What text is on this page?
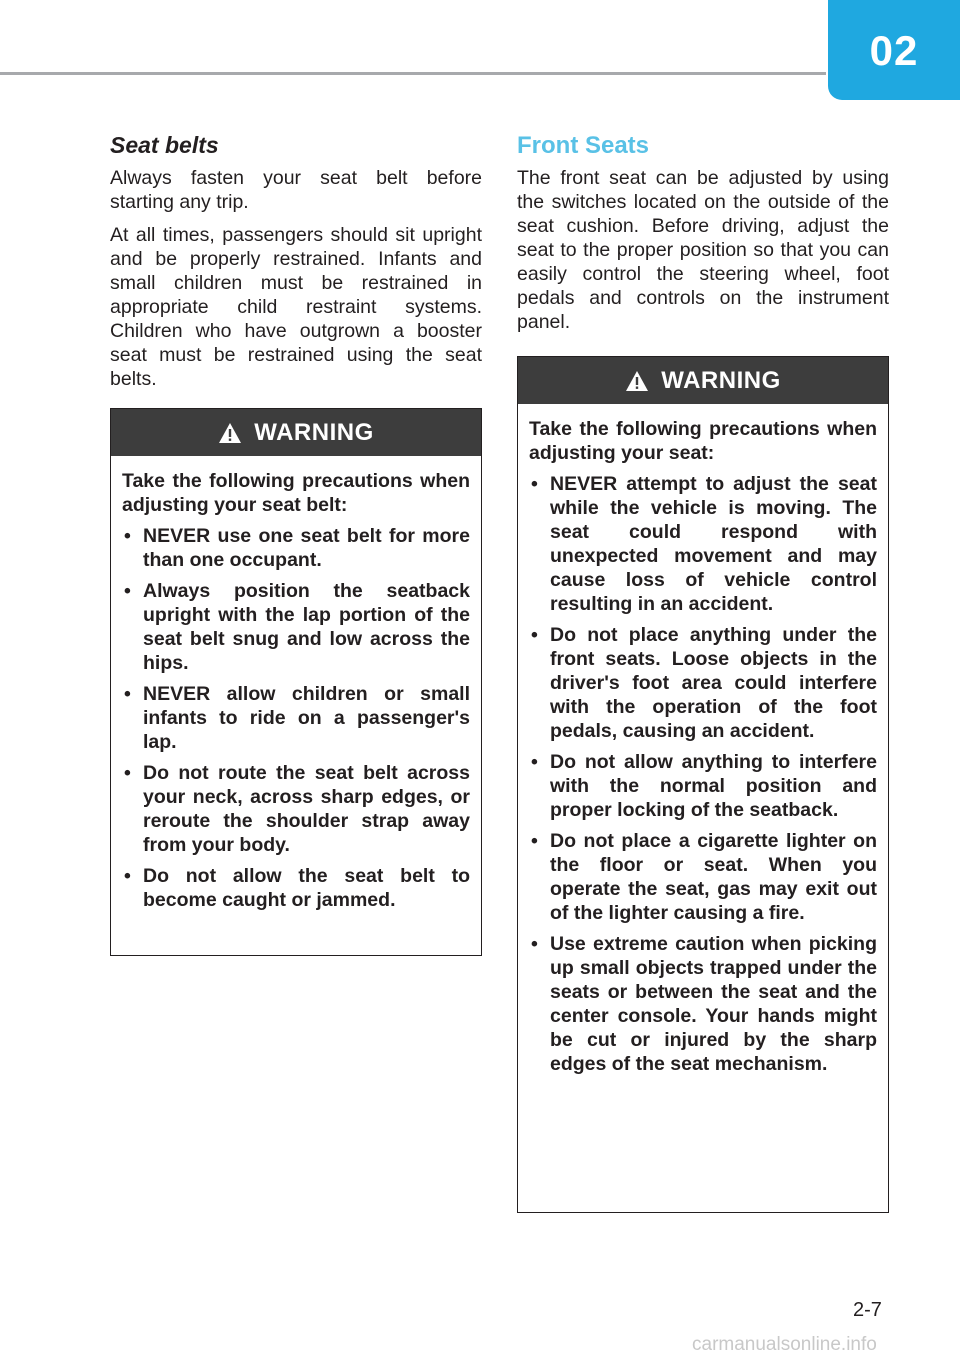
02
Seat belts

Always fasten your seat belt before starting any trip.

At all times, passengers should sit upright and be properly restrained. Infants and small children must be restrained in appropriate child restraint systems. Children who have outgrown a booster seat must be restrained using the seat belts.

WARNING

Take the following precautions when adjusting your seat belt:

• NEVER use one seat belt for more than one occupant.
• Always position the seatback upright with the lap portion of the seat belt snug and low across the hips.
• NEVER allow children or small infants to ride on a passenger's lap.
• Do not route the seat belt across your neck, across sharp edges, or reroute the shoulder strap away from your body.
• Do not allow the seat belt to become caught or jammed.
Front Seats

The front seat can be adjusted by using the switches located on the outside of the seat cushion. Before driving, adjust the seat to the proper position so that you can easily control the steering wheel, foot pedals and controls on the instrument panel.

WARNING

Take the following precautions when adjusting your seat:

• NEVER attempt to adjust the seat while the vehicle is moving. The seat could respond with unexpected movement and may cause loss of vehicle control resulting in an accident.
• Do not place anything under the front seats. Loose objects in the driver's foot area could interfere with the operation of the foot pedals, causing an accident.
• Do not allow anything to interfere with the normal position and proper locking of the seatback.
• Do not place a cigarette lighter on the floor or seat. When you operate the seat, gas may exit out of the lighter causing a fire.
• Use extreme caution when picking up small objects trapped under the seats or between the seat and the center console. Your hands might be cut or injured by the sharp edges of the seat mechanism.
2-7
carmanualsonline.info
